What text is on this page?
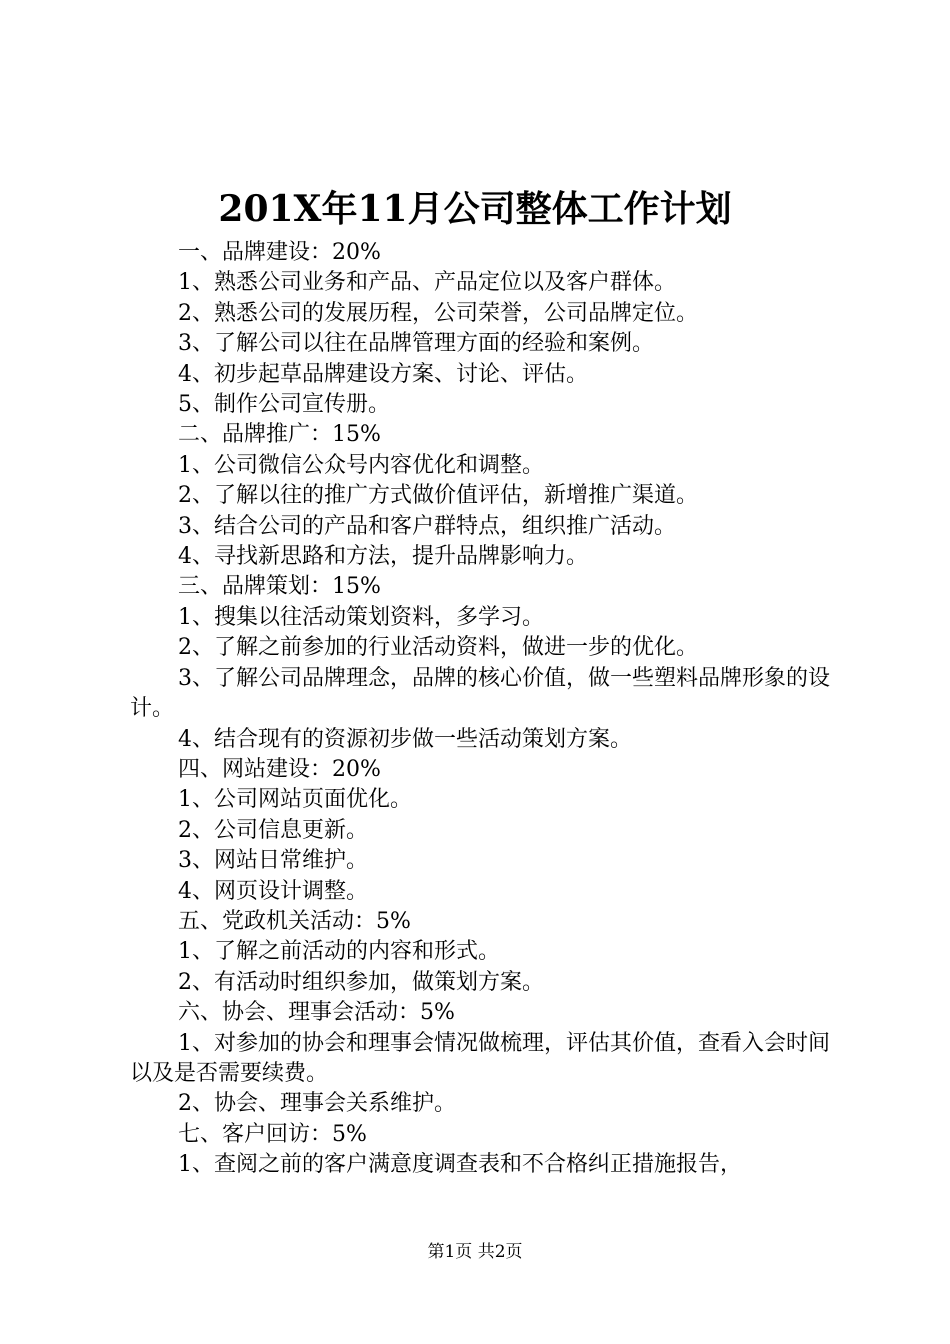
201X年11月公司整体工作计划

一、品牌建设：20%

1、熟悉公司业务和产品、产品定位以及客户群体。

2、熟悉公司的发展历程，公司荣誉，公司品牌定位。

3、了解公司以往在品牌管理方面的经验和案例。

4、初步起草品牌建设方案、讨论、评估。

5、制作公司宣传册。

二、品牌推广：15%

1、公司微信公众号内容优化和调整。

2、了解以往的推广方式做价值评估，新增推广渠道。

3、结合公司的产品和客户群特点，组织推广活动。

4、寻找新思路和方法，提升品牌影响力。

三、品牌策划：15%

1、搜集以往活动策划资料，多学习。

2、了解之前参加的行业活动资料，做进一步的优化。

3、了解公司品牌理念，品牌的核心价值，做一些塑料品牌形象的设计。

4、结合现有的资源初步做一些活动策划方案。

四、网站建设：20%

1、公司网站页面优化。

2、公司信息更新。

3、网站日常维护。

4、网页设计调整。

五、党政机关活动：5%

1、了解之前活动的内容和形式。

2、有活动时组织参加，做策划方案。

六、协会、理事会活动：5%

1、对参加的协会和理事会情况做梳理，评估其价值，查看入会时间以及是否需要续费。

2、协会、理事会关系维护。

七、客户回访：5%

1、查阅之前的客户满意度调查表和不合格纠正措施报告，

第1页 共2页
